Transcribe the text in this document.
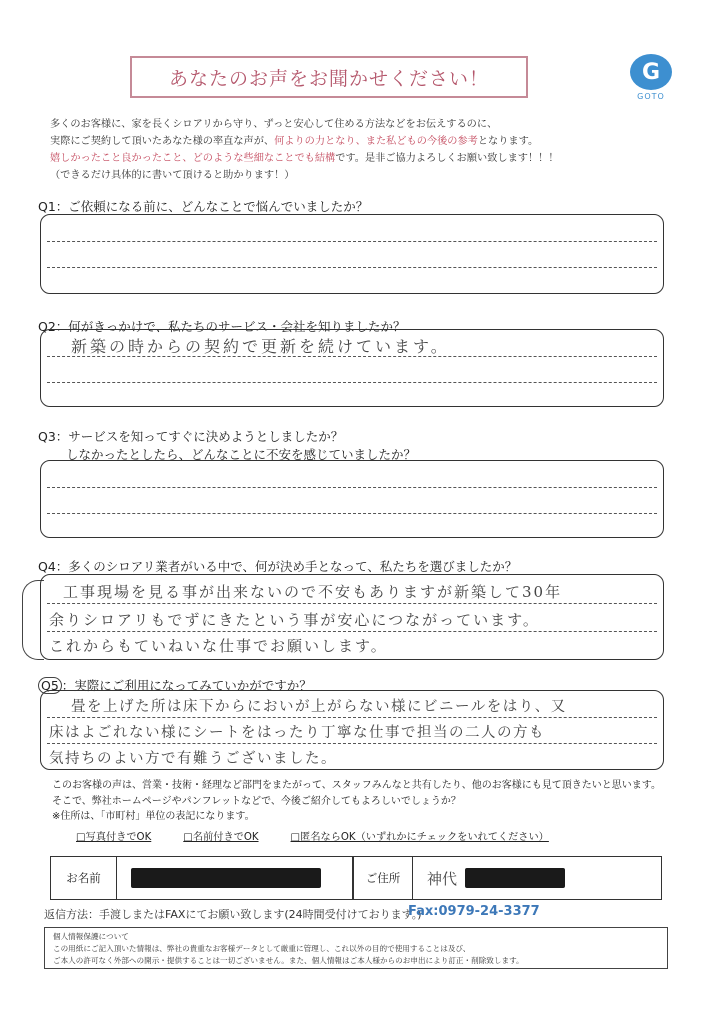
あなたのお声をお聞かせください！	G
GOTO
多くのお客様に、家を長くシロアリから守り、ずっと安心して住める方法などをお伝えするのに、
実際にご契約して頂いたあなた様の率直な声が、何よりの力となり、また私どもの今後の参考となります。
嬉しかったこと良かったこと、どのような些細なことでも結構です。是非ご協力よろしくお願い致します！！！
（できるだけ具体的に書いて頂けると助かります！）
Q1：ご依頼になる前に、どんなことで悩んでいましたか？
Q2：何がきっかけで、私たちのサービス・会社を知りましたか？
新築の時からの契約で更新を続けています。
Q3：サービスを知ってすぐに決めようとしましたか？
しなかったとしたら、どんなことに不安を感じていましたか？
Q4：多くのシロアリ業者がいる中で、何が決め手となって、私たちを選びましたか？
工事現場を見る事が出来ないので不安もありますが新築して30年
余りシロアリもでずにきたという事が安心につながっています。
これからもていねいな仕事でお願いします。
Q5 ：実際にご利用になってみていかがですか？
畳を上げた所は床下からにおいが上がらない様にビニールをはり、又
床はよごれない様にシートをはったり丁寧な仕事で担当の二人の方も
気持ちのよい方で有難うございました。
このお客様の声は、営業・技術・経理など部門をまたがって、スタッフみんなと共有したり、他のお客様にも見て頂きたいと思います。
そこで、弊社ホームページやパンフレットなどで、今後ご紹介してもよろしいでしょうか？
※住所は、「市町村」単位の表記になります。
□写真付きでOK	□名前付きでOK	□匿名ならOK（いずれかにチェックをいれてください）
お名前	ご住所	神代
返信方法：手渡しまたはFAXにてお願い致します(24時間受付けております。)
Fax:0979-24-3377
個人情報保護について
この用紙にご記入頂いた情報は、弊社の貴重なお客様データとして厳重に管理し、これ以外の目的で使用することは及び、
ご本人の許可なく外部への開示・提供することは一切ございません。また、個人情報はご本人様からのお申出により訂正・削除致します。
